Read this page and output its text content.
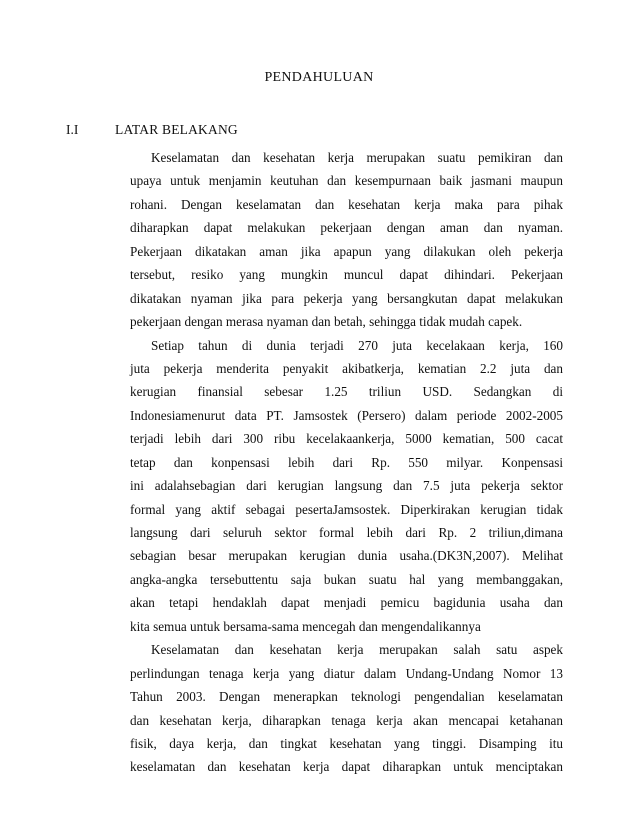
PENDAHULUAN
I.I	LATAR BELAKANG
Keselamatan dan kesehatan kerja merupakan suatu pemikiran dan
upaya untuk menjamin keutuhan dan kesempurnaan baik jasmani maupun
rohani. Dengan keselamatan dan kesehatan kerja maka para pihak
diharapkan dapat melakukan pekerjaan dengan aman dan nyaman.
Pekerjaan dikatakan aman jika apapun yang dilakukan oleh pekerja
tersebut, resiko yang mungkin muncul dapat dihindari. Pekerjaan
dikatakan nyaman jika para pekerja yang bersangkutan dapat melakukan
pekerjaan dengan merasa nyaman dan betah, sehingga tidak mudah capek.
Setiap tahun di dunia terjadi 270 juta kecelakaan kerja, 160
juta pekerja menderita penyakit akibatkerja, kematian 2.2 juta dan
kerugian finansial sebesar 1.25 triliun USD. Sedangkan di
Indonesiamenurut data PT. Jamsostek (Persero) dalam periode 2002-2005
terjadi lebih dari 300 ribu kecelakaankerja, 5000 kematian, 500 cacat
tetap dan konpensasi lebih dari Rp. 550 milyar. Konpensasi
ini adalahsebagian dari kerugian langsung dan 7.5 juta pekerja sektor
formal yang aktif sebagai pesertaJamsostek. Diperkirakan kerugian tidak
langsung dari seluruh sektor formal lebih dari Rp. 2 triliun,dimana
sebagian besar merupakan kerugian dunia usaha.(DK3N,2007). Melihat
angka-angka tersebuttentu saja bukan suatu hal yang membanggakan,
akan tetapi hendaklah dapat menjadi pemicu bagidunia usaha dan
kita semua untuk bersama-sama mencegah dan mengendalikannya
Keselamatan dan kesehatan kerja merupakan salah satu aspek
perlindungan tenaga kerja yang diatur dalam Undang-Undang Nomor 13
Tahun 2003. Dengan menerapkan teknologi pengendalian keselamatan
dan kesehatan kerja, diharapkan tenaga kerja akan mencapai ketahanan
fisik, daya kerja, dan tingkat kesehatan yang tinggi. Disamping itu
keselamatan dan kesehatan kerja dapat diharapkan untuk menciptakan
